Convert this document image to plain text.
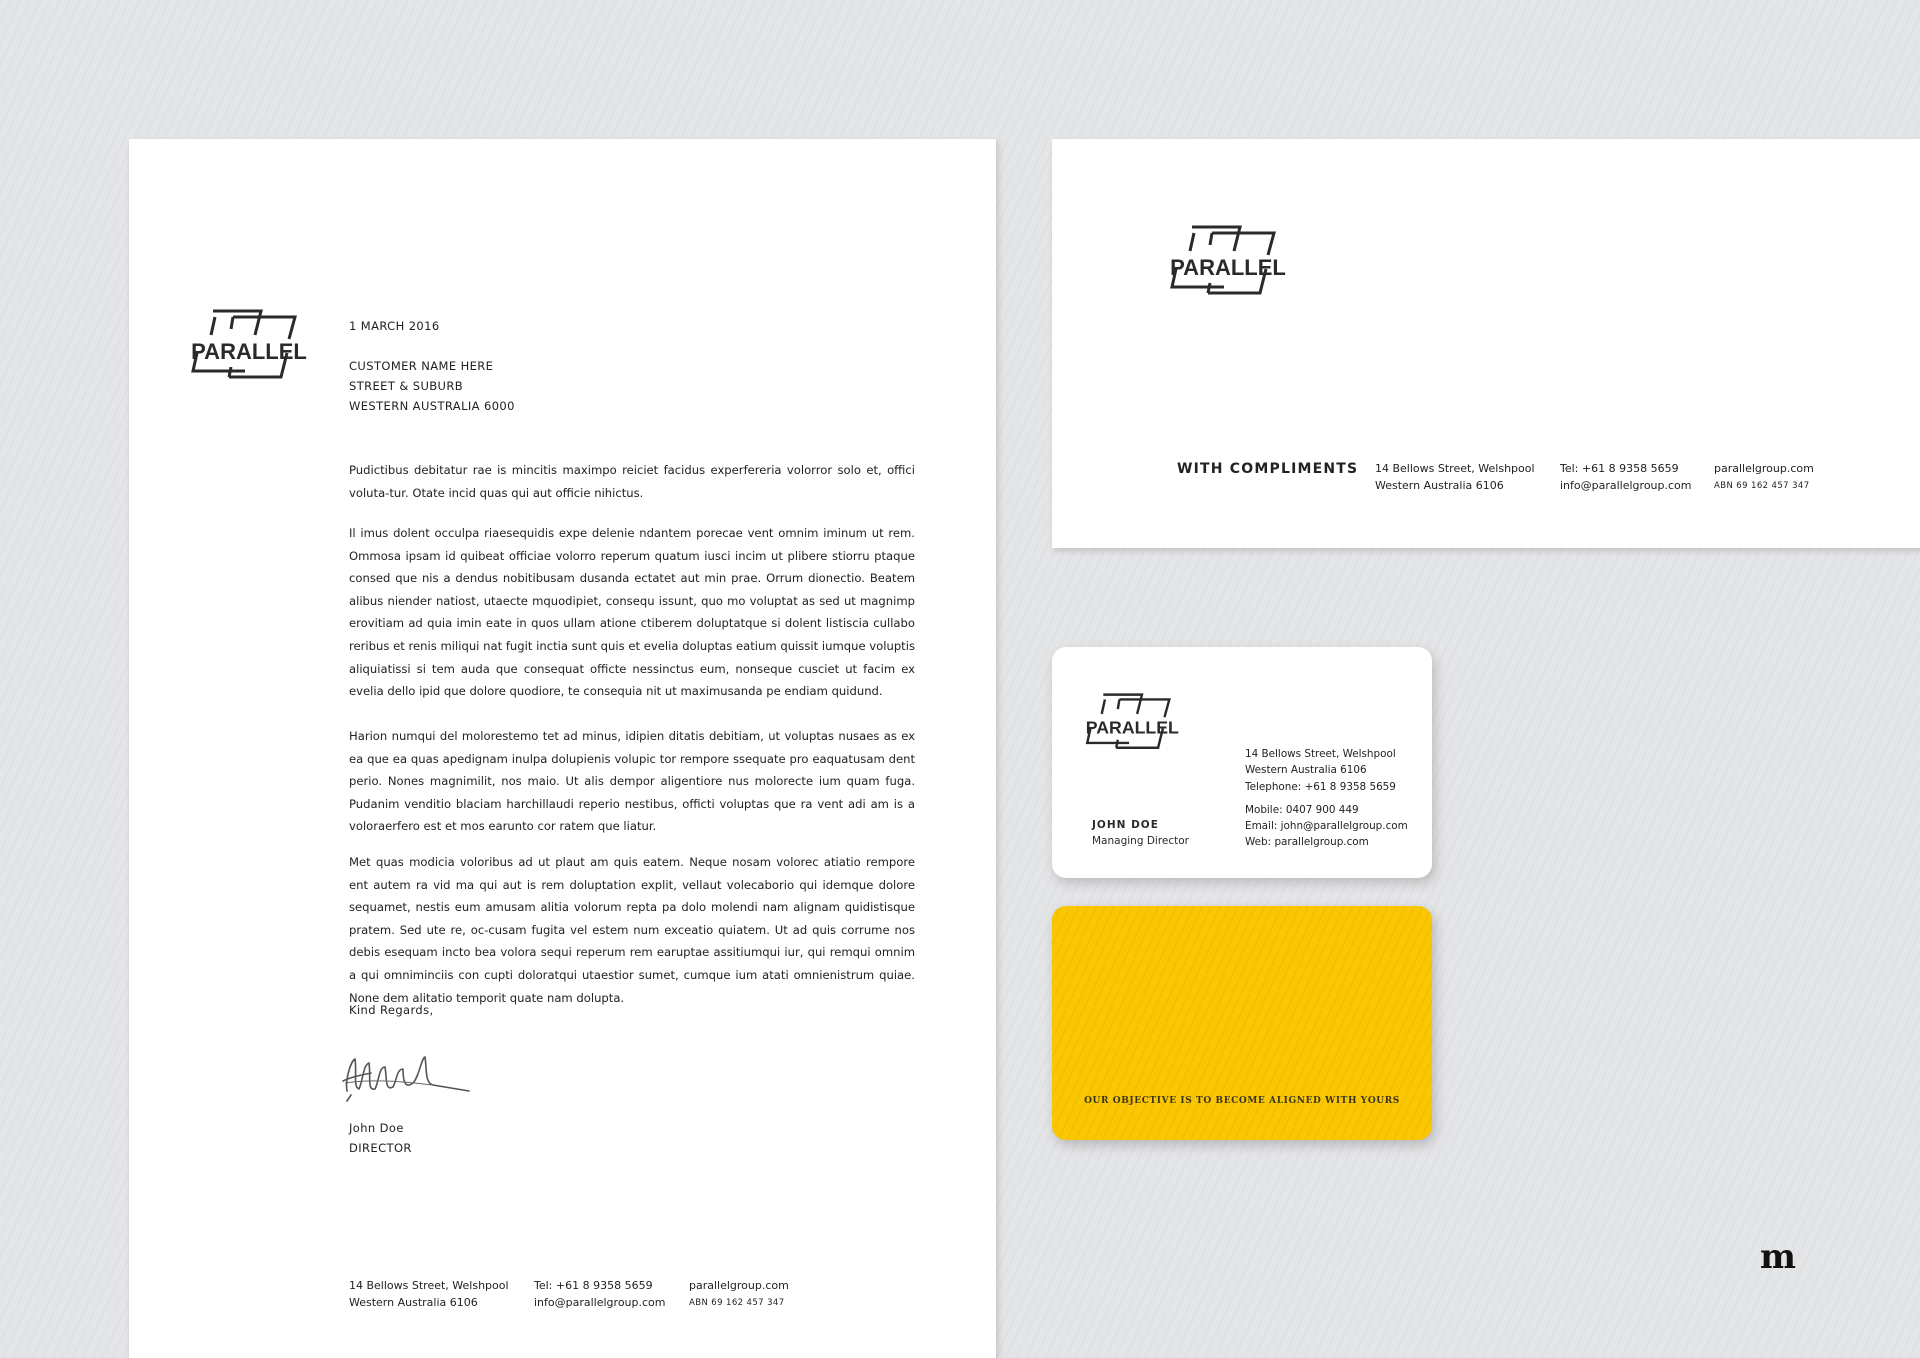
PARALLEL
1 MARCH 2016
CUSTOMER NAME HERE
STREET & SUBURB
WESTERN AUSTRALIA 6000

Pudictibus debitatur rae is mincitis maximpo reiciet facidus experfereria volorror solo et, offici voluta-tur. Otate incid quas qui aut officie nihictus.

Il imus dolent occulpa riaesequidis expe delenie ndantem porecae vent omnim iminum ut rem. Ommosa ipsam id quibeat officiae volorro reperum quatum iusci incim ut plibere stiorru ptaque consed que nis a dendus nobitibusam dusanda ectatet aut min prae. Orrum dionectio. Beatem alibus niender natiost, utaecte mquodipiet, consequ issunt, quo mo voluptat as sed ut magnimp erovitiam ad quia imin eate in quos ullam atione ctiberem doluptatque si dolent listiscia cullabo reribus et renis miliqui nat fugit inctia sunt quis et evelia doluptas eatium quissit iumque voluptis aliquiatissi si tem auda que consequat officte nessinctus eum, nonseque cusciet ut facim ex evelia dello ipid que dolore quodiore, te consequia nit ut maximusanda pe endiam quidund.

Harion numqui del molorestemo tet ad minus, idipien ditatis debitiam, ut voluptas nusaes as ex ea que ea quas apedignam inulpa dolupienis volupic tor rempore ssequate pro eaquatusam dent perio. Nones magnimilit, nos maio. Ut alis dempor aligentiore nus molorecte ium quam fuga. Pudanim venditio blaciam harchillaudi reperio nestibus, officti voluptas que ra vent adi am is a voloraerfero est et mos earunto cor ratem que liatur.

Met quas modicia voloribus ad ut plaut am quis eatem. Neque nosam volorec atiatio rempore ent autem ra vid ma qui aut is rem doluptation explit, vellaut volecaborio qui idemque dolore sequamet, nestis eum amusam alitia volorum repta pa dolo molendi nam alignam quidistisque pratem. Sed ute re, oc-cusam fugita vel estem num exceatio quiatem. Ut ad quis corrume nos debis esequam incto bea volora sequi reperum rem earuptae assitiumqui iur, qui remqui omnim a qui omniminciis con cupti doloratqui utaestior sumet, cumque ium atati omnienistrum quiae. None dem alitatio temporit quate nam dolupta.

Kind Regards,
John Doe
DIRECTOR
14 Bellows Street, Welshpool
Western Australia 6106
Tel: +61 8 9358 5659
info@parallelgroup.com
parallelgroup.com
ABN 69 162 457 347
PARALLEL
WITH COMPLIMENTS 14 Bellows Street, Welshpool
Western Australia 6106
Tel: +61 8 9358 5659
info@parallelgroup.com
parallelgroup.com
ABN 69 162 457 347
PARALLEL
14 Bellows Street, Welshpool
Western Australia 6106
Telephone: +61 8 9358 5659
Mobile: 0407 900 449
Email: john@parallelgroup.com
Web: parallelgroup.com
JOHN DOE
Managing Director
OUR OBJECTIVE IS TO BECOME ALIGNED WITH YOURS
m
